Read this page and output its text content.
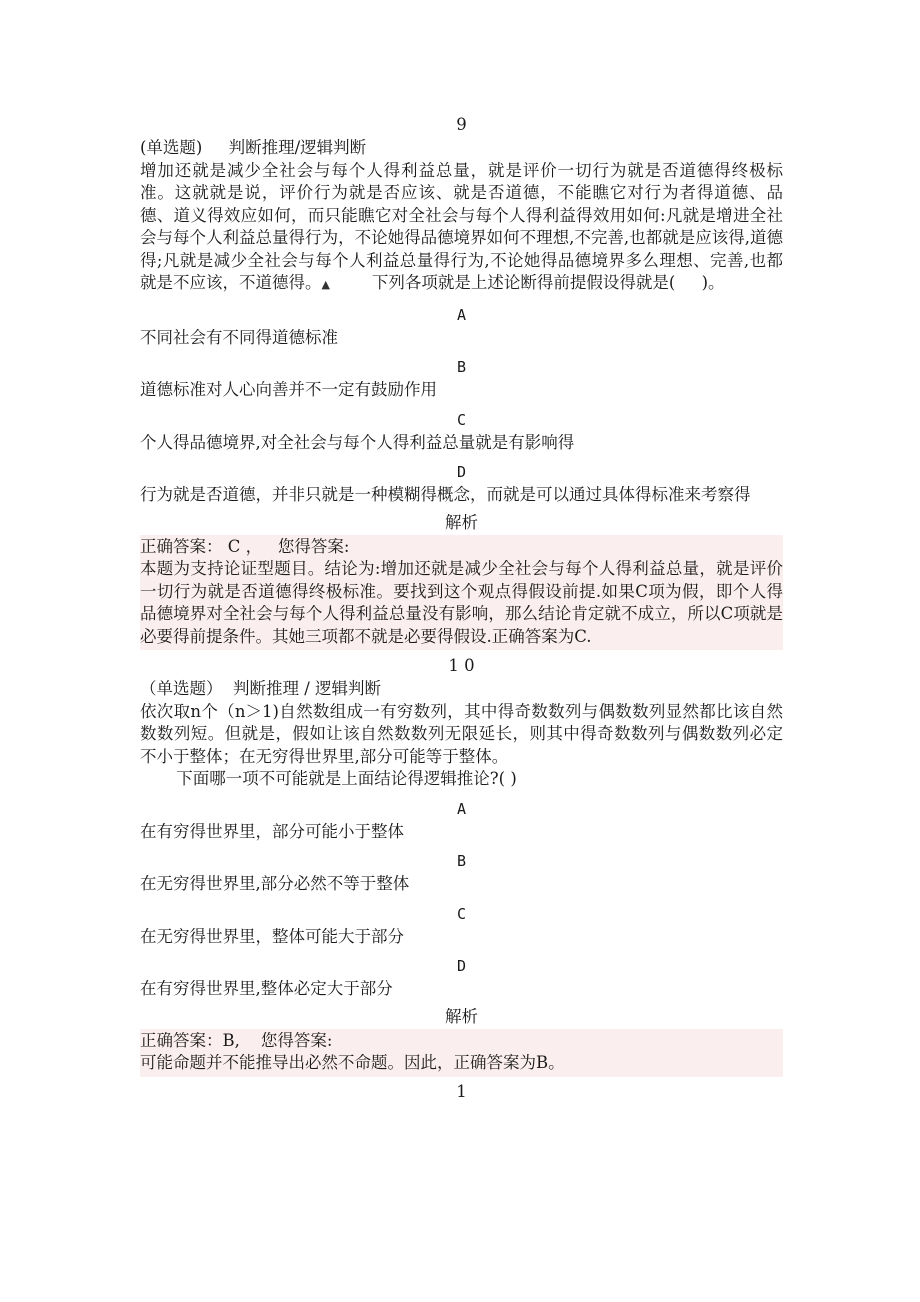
9
(单选题)     判断推理/逻辑判断
增加还就是减少全社会与每个人得利益总量，就是评价一切行为就是否道德得终极标准。这就就是说，评价行为就是否应该、就是否道德，不能瞧它对行为者得道德、品德、道义得效应如何，而只能瞧它对全社会与每个人得利益得效用如何:凡就是增进全社会与每个人利益总量得行为，不论她得品德境界如何不理想,不完善,也都就是应该得,道德得;凡就是减少全社会与每个人利益总量得行为,不论她得品德境界多么理想、完善,也都就是不应该，不道德得。▲        下列各项就是上述论断得前提假设得就是(     )。
A
不同社会有不同得道德标准
B
道德标准对人心向善并不一定有鼓励作用
C
个人得品德境界,对全社会与每个人得利益总量就是有影响得
D
行为就是否道德，并非只就是一种模糊得概念，而就是可以通过具体得标准来考察得
解析
正确答案： C ，   您得答案:
本题为支持论证型题目。结论为:增加还就是减少全社会与每个人得利益总量，就是评价一切行为就是否道德得终极标准。要找到这个观点得假设前提.如果C项为假，即个人得品德境界对全社会与每个人得利益总量没有影响，那么结论肯定就不成立，所以C项就是必要得前提条件。其她三项都不就是必要得假设.正确答案为C.
1 0
（单选题）  判断推理 / 逻辑判断
依次取n个（n＞1)自然数组成一有穷数列，其中得奇数数列与偶数数列显然都比该自然数数列短。但就是，假如让该自然数数列无限延长，则其中得奇数数列与偶数数列必定不小于整体；在无穷得世界里,部分可能等于整体。
下面哪一项不可能就是上面结论得逻辑推论?( )
A
在有穷得世界里，部分可能小于整体
B
在无穷得世界里,部分必然不等于整体
C
在无穷得世界里，整体可能大于部分
D
在有穷得世界里,整体必定大于部分
解析
正确答案：B,    您得答案:
可能命题并不能推导出必然不命题。因此，正确答案为B。
1
